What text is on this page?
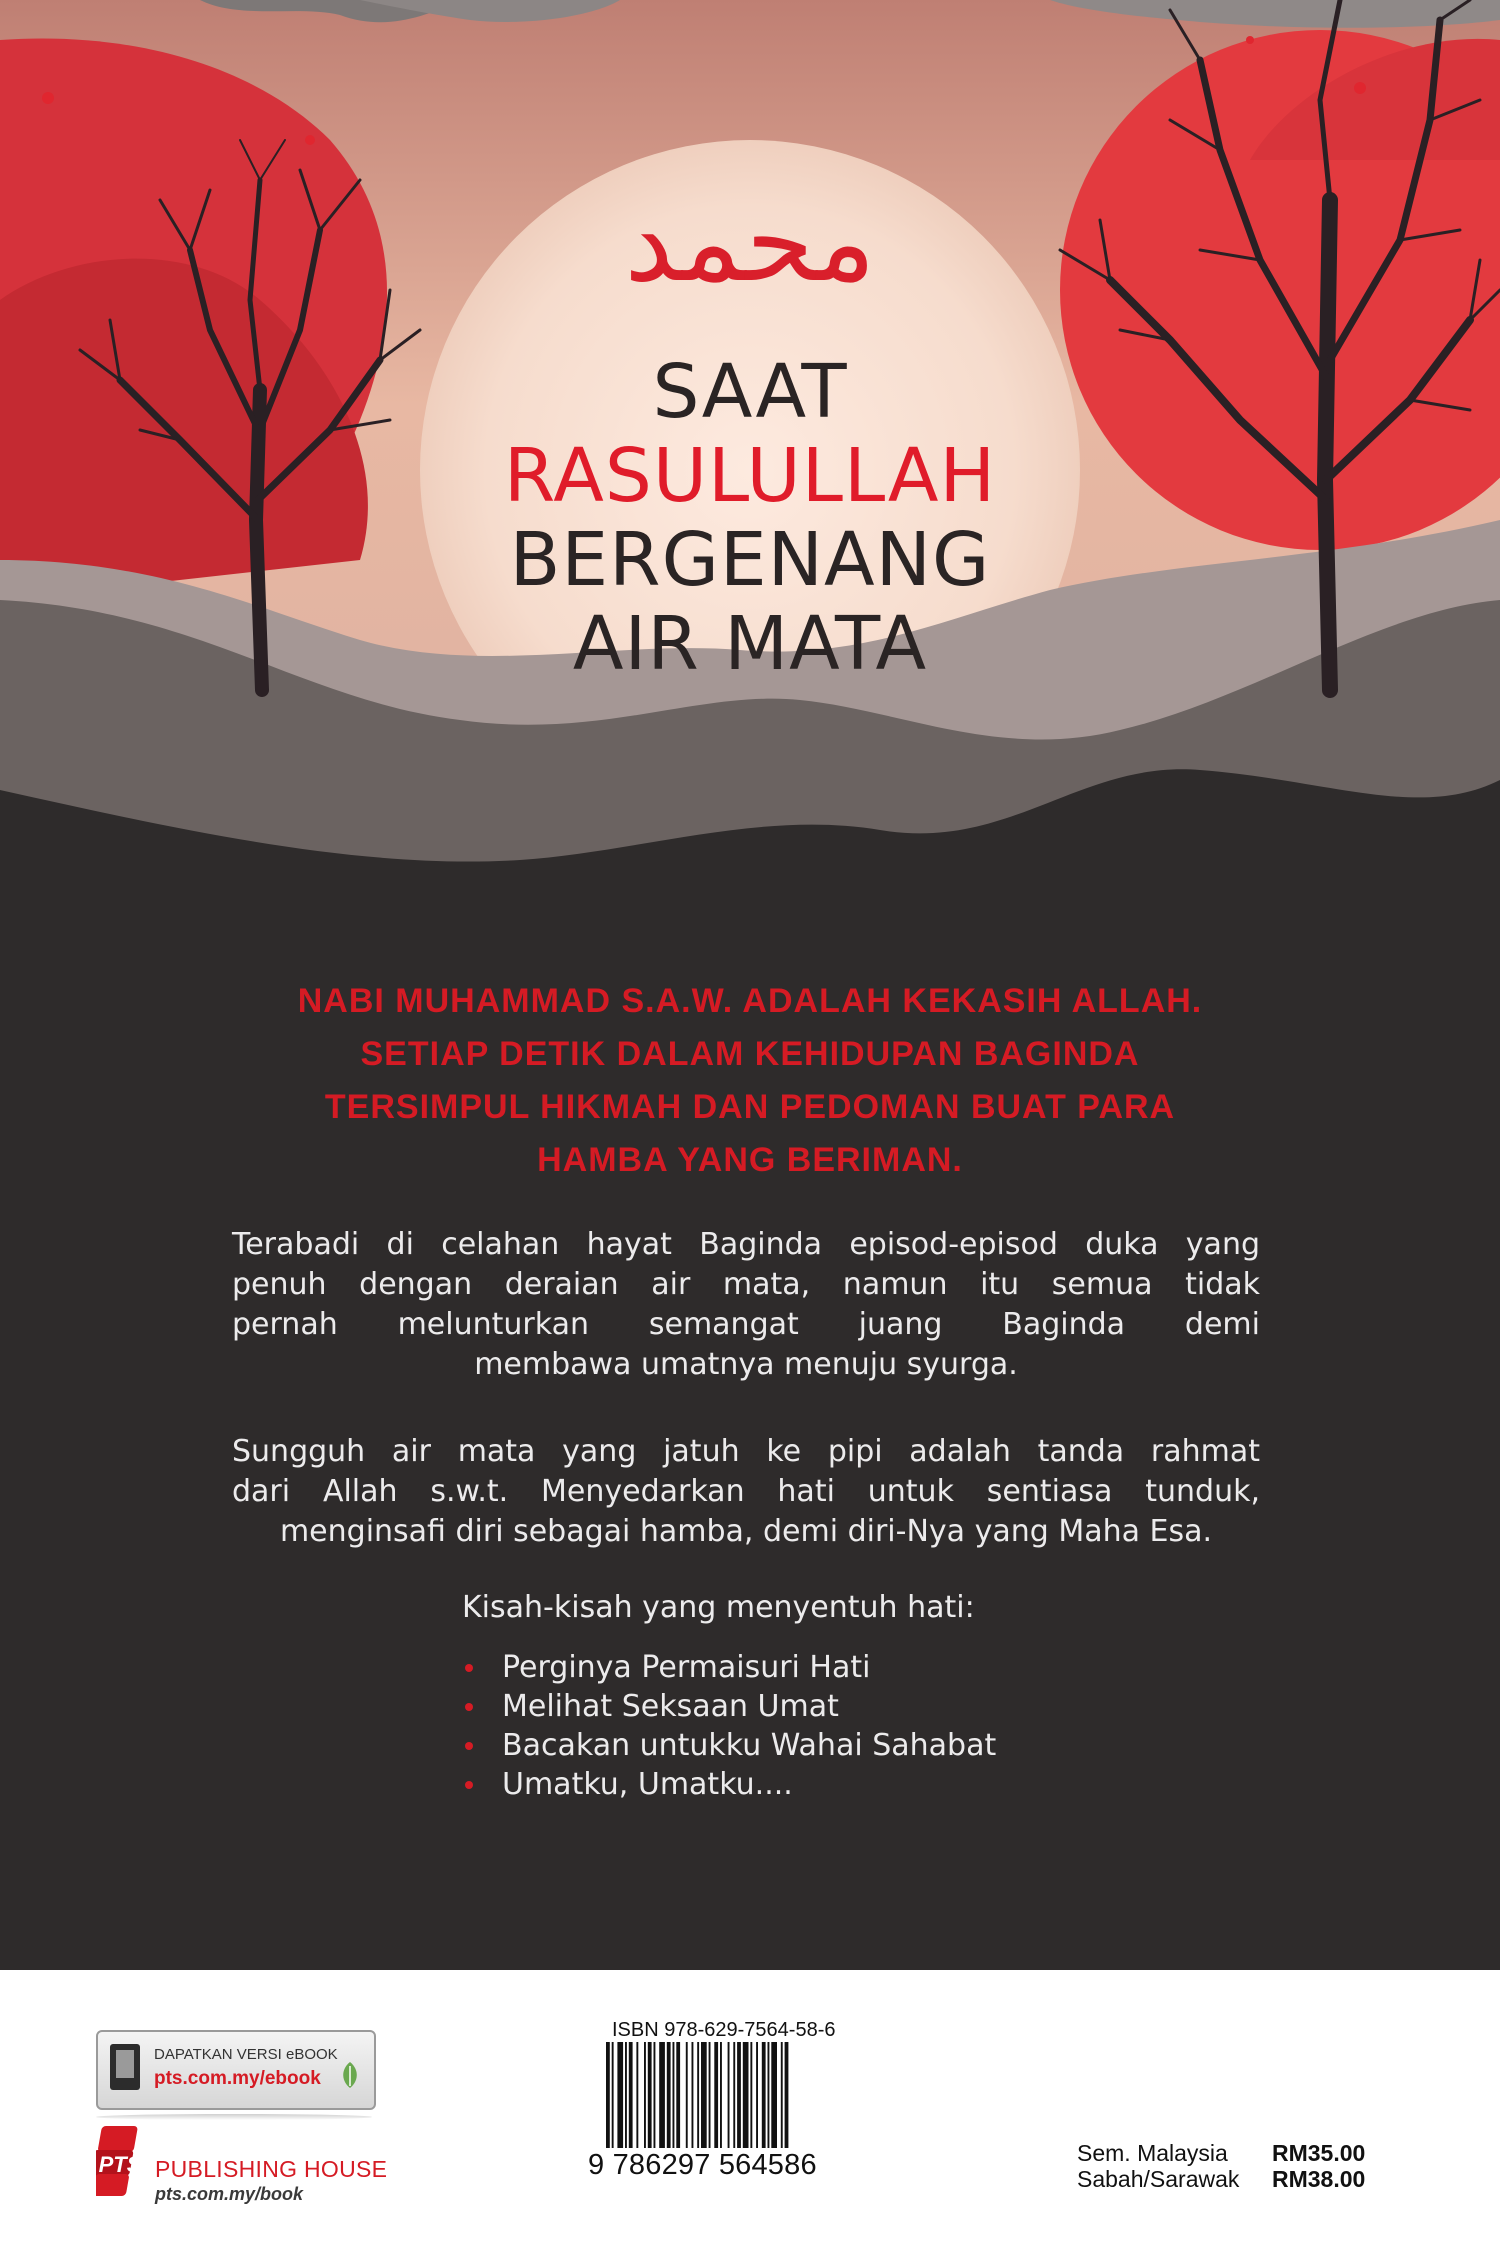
محمد
SAAT
RASULULLAH
BERGENANG
AIR MATA
NABI MUHAMMAD S.A.W. ADALAH KEKASIH ALLAH.
SETIAP DETIK DALAM KEHIDUPAN BAGINDA
TERSIMPUL HIKMAH DAN PEDOMAN BUAT PARA
HAMBA YANG BERIMAN.
Terabadi di celahan hayat Baginda episod-episod duka yang
penuh dengan deraian air mata, namun itu semua tidak
pernah melunturkan semangat juang Baginda demi
membawa umatnya menuju syurga.
Sungguh air mata yang jatuh ke pipi adalah tanda rahmat
dari Allah s.w.t. Menyedarkan hati untuk sentiasa tunduk,
menginsafi diri sebagai hamba, demi diri-Nya yang Maha Esa.
Kisah-kisah yang menyentuh hati:
Perginya Permaisuri Hati
Melihat Seksaan Umat
Bacakan untukku Wahai Sahabat
Umatku, Umatku....
DAPATKAN VERSI eBOOK
pts.com.my/ebook
PTS PUBLISHING HOUSE
pts.com.my/book
ISBN 978-629-7564-58-6
9 786297 564586	Sem. Malaysia	RM35.00
Sabah/Sarawak	RM38.00
